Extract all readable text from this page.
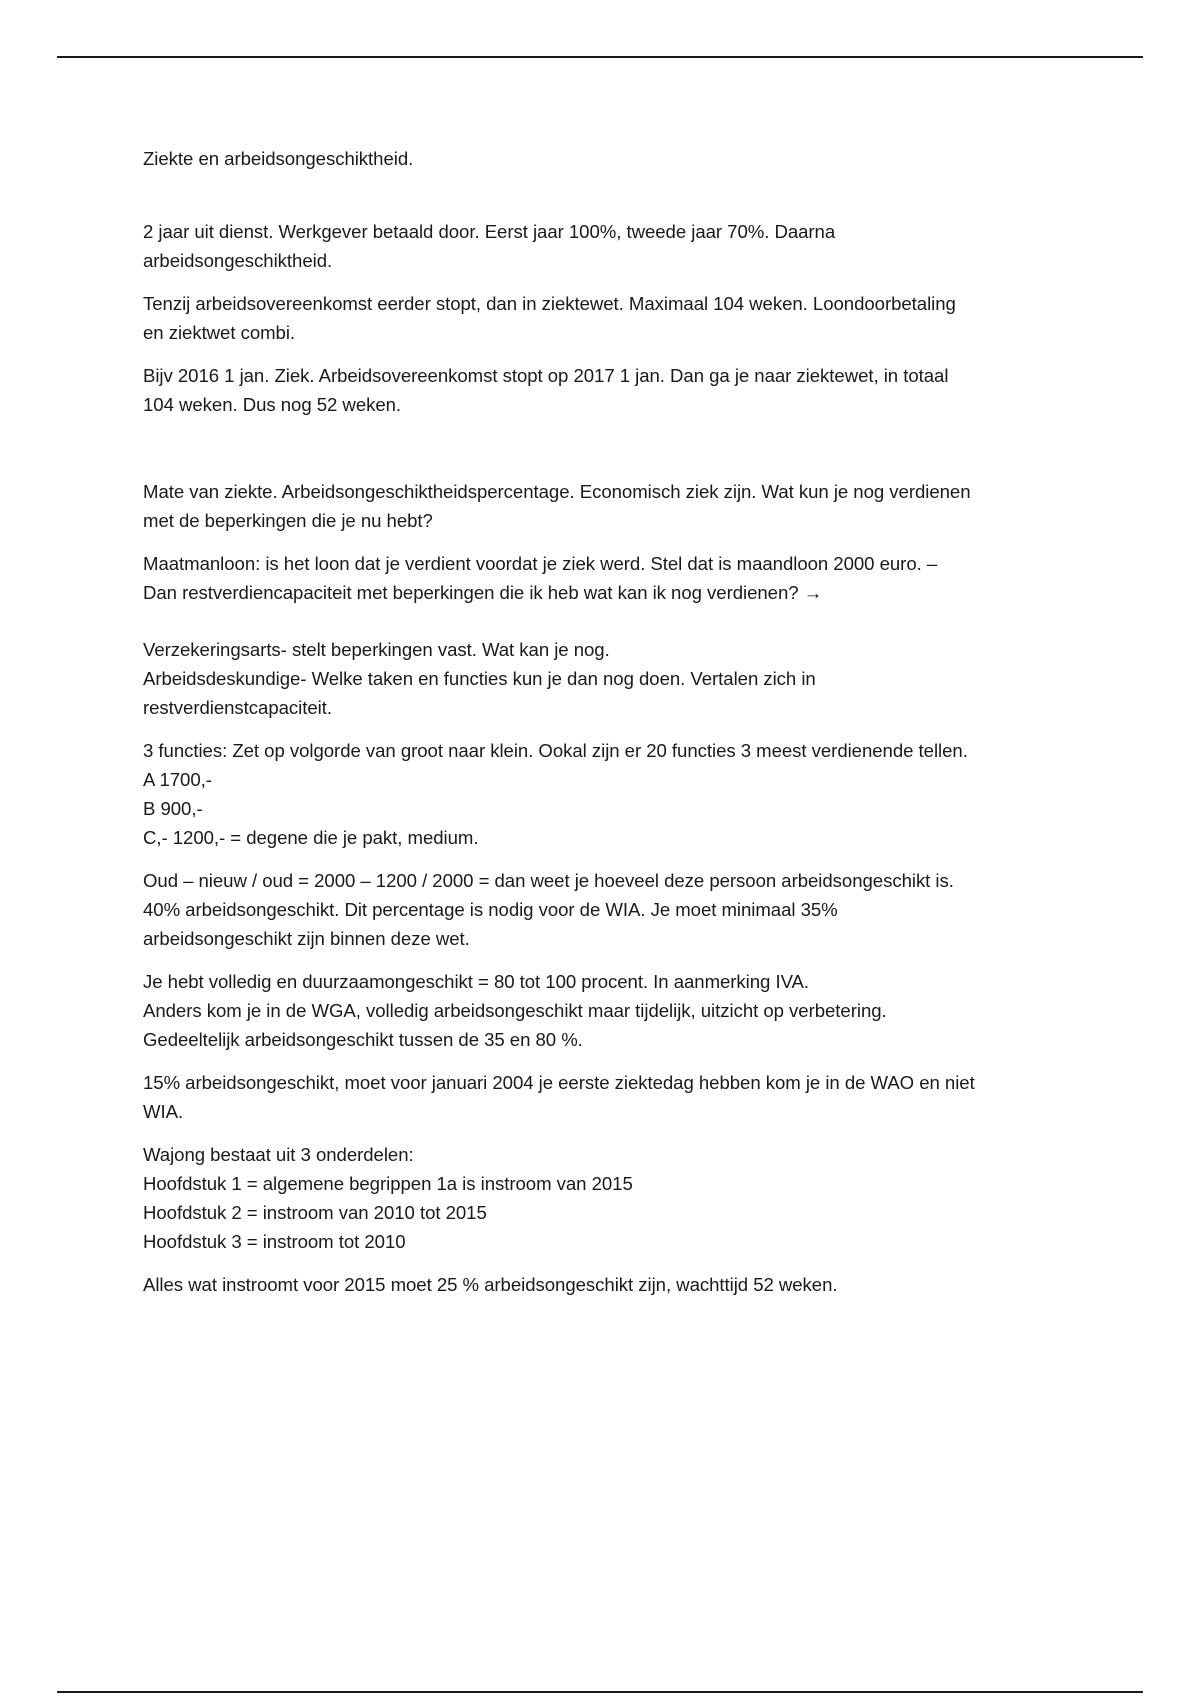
Ziekte en arbeidsongeschiktheid.

2 jaar uit dienst. Werkgever betaald door. Eerst jaar 100%, tweede jaar 70%. Daarna
arbeidsongeschiktheid.
Tenzij arbeidsovereenkomst eerder stopt, dan in ziektewet. Maximaal 104 weken. Loondoorbetaling
en ziektwet combi.
Bijv 2016 1 jan. Ziek. Arbeidsovereenkomst stopt op 2017 1 jan. Dan ga je naar ziektewet, in totaal
104 weken. Dus nog 52 weken.
Mate van ziekte. Arbeidsongeschiktheidspercentage. Economisch ziek zijn. Wat kun je nog verdienen
met de beperkingen die je nu hebt?
Maatmanloon: is het loon dat je verdient voordat je ziek werd. Stel dat is maandloon 2000 euro. –
Dan restverdiencapaciteit met beperkingen die ik heb wat kan ik nog verdienen? →
Verzekeringsarts- stelt beperkingen vast. Wat kan je nog.
Arbeidsdeskundige- Welke taken en functies kun je dan nog doen. Vertalen zich in
restverdienstcapaciteit.
3 functies: Zet op volgorde van groot naar klein. Ookal zijn er 20 functies 3 meest verdienende tellen.
A 1700,-
B 900,-
C,- 1200,- = degene die je pakt, medium.
Oud – nieuw / oud = 2000 – 1200 / 2000 = dan weet je hoeveel deze persoon arbeidsongeschikt is.
40% arbeidsongeschikt. Dit percentage is nodig voor de WIA. Je moet minimaal 35%
arbeidsongeschikt zijn binnen deze wet.
Je hebt volledig en duurzaamongeschikt = 80 tot 100 procent. In aanmerking IVA.
Anders kom je in de WGA, volledig arbeidsongeschikt maar tijdelijk, uitzicht op verbetering.
Gedeeltelijk arbeidsongeschikt tussen de 35 en 80 %.
15% arbeidsongeschikt, moet voor januari 2004 je eerste ziektedag hebben kom je in de WAO en niet
WIA.
Wajong bestaat uit 3 onderdelen:
Hoofdstuk 1 = algemene begrippen 1a is instroom van 2015
Hoofdstuk 2 = instroom van 2010 tot 2015
Hoofdstuk 3 = instroom tot 2010
Alles wat instroomt voor 2015 moet 25 % arbeidsongeschikt zijn, wachttijd 52 weken.
